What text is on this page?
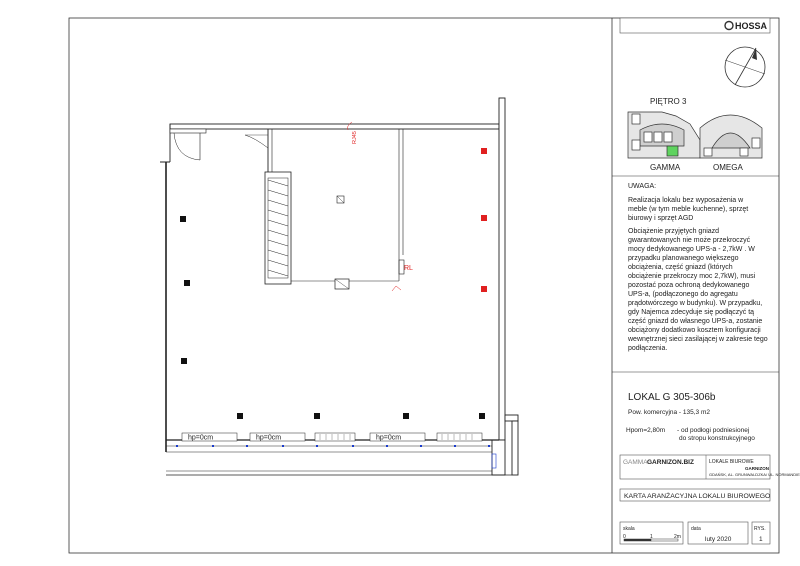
HOSSA
PIĘTRO 3
GAMMA	OMEGA
LOKAL G 305-306b
Pow. komercyjna - 135,3 m2
Hpom=2,80m - od podłogi podniesionej
do stropu konstrukcyjnego
GAMMA GARNIZON.BIZ	LOKALE BIUROWE
GARNIZON
GDAŃSK, AL. GRUNWALDZKA/ UL. NORMANDIE
KARTA ARANŻACYJNA LOKALU BIUROWEGO
skala
0	1	2m
data
luty 2020
RYS.
1
hp=0cm	hp=0cm	hp=0cm
RL
RJ45
UWAGA:
Realizacja lokalu bez wyposażenia w meble (w tym meble kuchenne), sprzęt biurowy i sprzęt AGD
Obciążenie przyjętych gniazd gwarantowanych nie może przekroczyć mocy dedykowanego UPS-a - 2,7kW . W przypadku planowanego większego obciążenia, część gniazd (których obciążenie przekroczy moc 2,7kW), musi pozostać poza ochroną dedykowanego UPS-a, (podłączonego do agregatu prądotwórczego w budynku). W przypadku, gdy Najemca zdecyduje się podłączyć tą część gniazd do własnego UPS-a, zostanie obciążony dodatkowo kosztem konfiguracji wewnętrznej sieci zasilającej w zakresie tego podłączenia.
